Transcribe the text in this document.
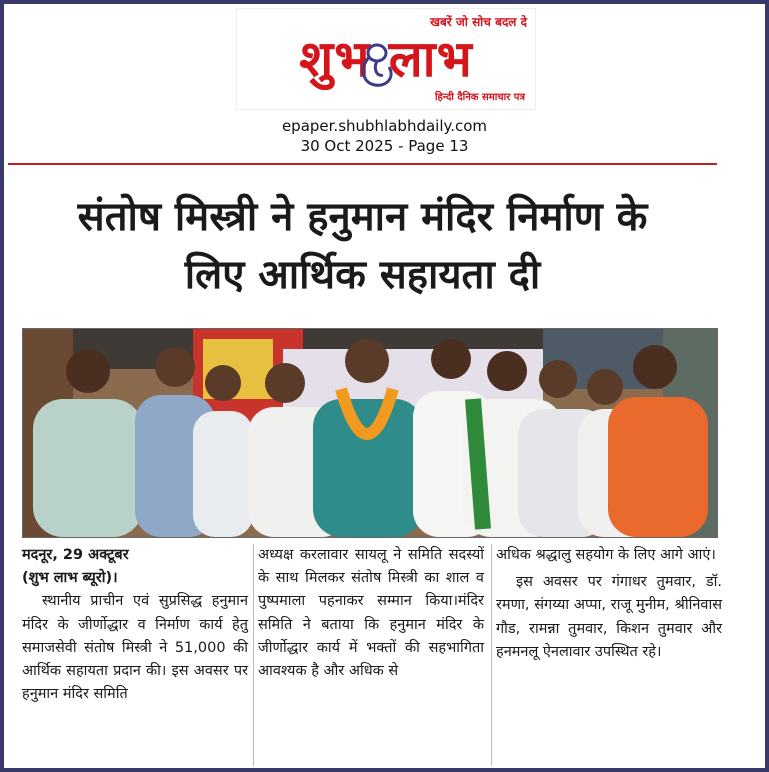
खबरें जो सोच बदल दे
शुभ लाभ
हिन्दी दैनिक समाचार पत्र
epaper.shubhlabhdaily.com
30 Oct 2025 - Page 13
संतोष मिस्त्री ने हनुमान मंदिर निर्माण के
लिए आर्थिक सहायता दी
मदनूर, 29 अक्टूबर
(शुभ लाभ ब्यूरो)।
स्थानीय प्राचीन एवं सुप्रसिद्ध हनुमान मंदिर के जीर्णोद्धार व निर्माण कार्य हेतु समाजसेवी संतोष मिस्त्री ने 51,000 की आर्थिक सहायता प्रदान की। इस अवसर पर हनुमान मंदिर समिति
अध्यक्ष करलावार सायलू ने समिति सदस्यों के साथ मिलकर संतोष मिस्त्री का शाल व पुष्पमाला पहनाकर सम्मान किया।मंदिर समिति ने बताया कि हनुमान मंदिर के जीर्णोद्धार कार्य में भक्तों की सहभागिता आवश्यक है और अधिक से
अधिक श्रद्धालु सहयोग के लिए आगे आएं।
इस अवसर पर गंगाधर तुमवार, डॉ. रमणा, संगय्या अप्पा, राजू मुनीम, श्रीनिवास गौड, रामन्ना तुमवार, किशन तुमवार और हनमनलू ऐनलावार उपस्थित रहे।
